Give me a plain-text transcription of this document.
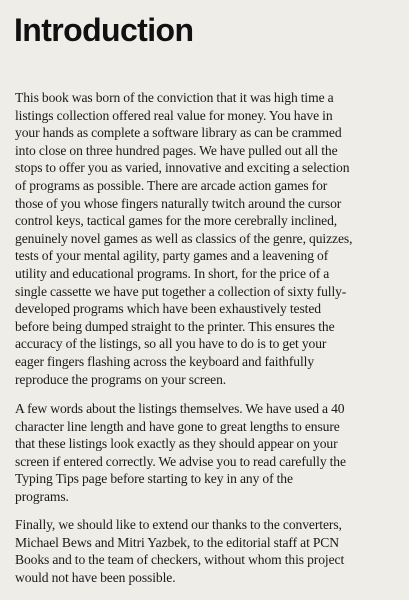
Introduction

This book was born of the conviction that it was high time a
listings collection offered real value for money. You have in
your hands as complete a software library as can be crammed
into close on three hundred pages. We have pulled out all the
stops to offer you as varied, innovative and exciting a selection
of programs as possible. There are arcade action games for
those of you whose fingers naturally twitch around the cursor
control keys, tactical games for the more cerebrally inclined,
genuinely novel games as well as classics of the genre, quizzes,
tests of your mental agility, party games and a leavening of
utility and educational programs. In short, for the price of a
single cassette we have put together a collection of sixty fully-
developed programs which have been exhaustively tested
before being dumped straight to the printer. This ensures the
accuracy of the listings, so all you have to do is to get your
eager fingers flashing across the keyboard and faithfully
reproduce the programs on your screen.

A few words about the listings themselves. We have used a 40
character line length and have gone to great lengths to ensure
that these listings look exactly as they should appear on your
screen if entered correctly. We advise you to read carefully the
Typing Tips page before starting to key in any of the
programs.

Finally, we should like to extend our thanks to the converters,
Michael Bews and Mitri Yazbek, to the editorial staff at PCN
Books and to the team of checkers, without whom this project
would not have been possible.
